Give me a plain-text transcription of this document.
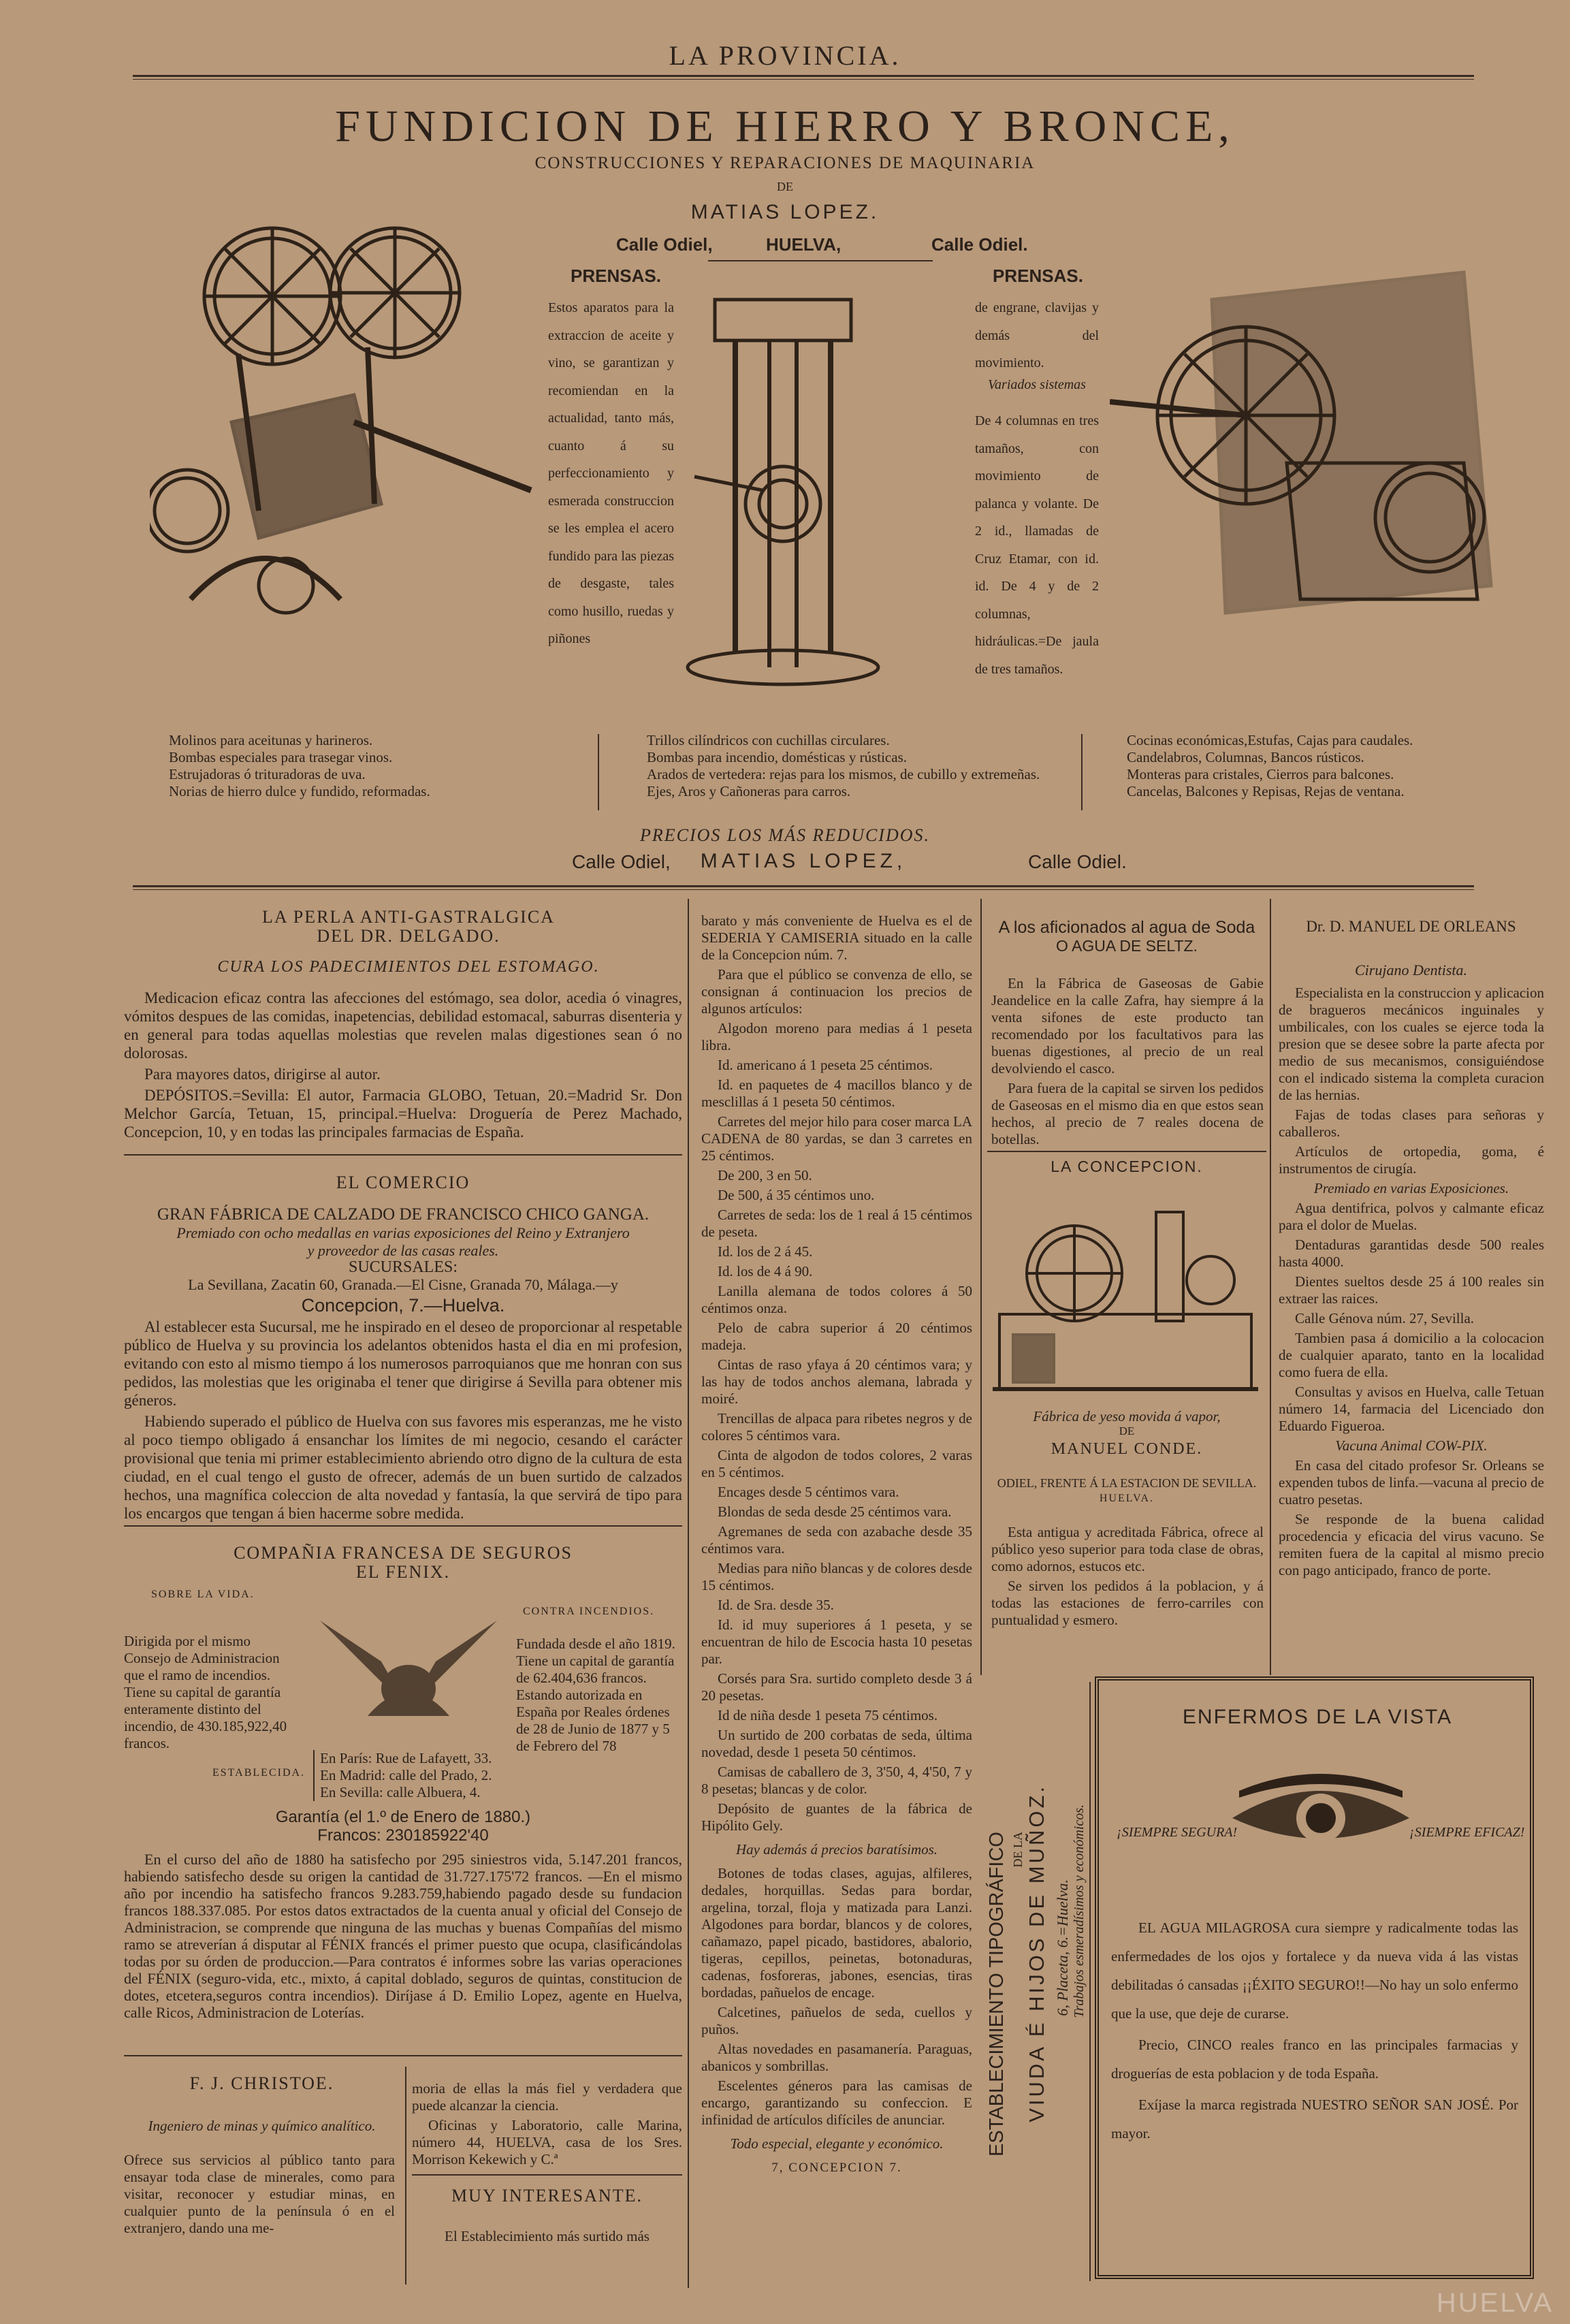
LA PROVINCIA.
FUNDICION DE HIERRO Y BRONCE,
CONSTRUCCIONES Y REPARACIONES DE MAQUINARIA
DE
MATIAS LOPEZ.
Calle Odiel,	HUELVA,	Calle Odiel.
PRENSAS.
Estos aparatos para la extraccion de aceite y vino, se garantizan y recomiendan en la actualidad, tanto más, cuanto á su perfeccionamiento y esmerada construccion se les emplea el acero fundido para las piezas de desgaste, tales como husillo, ruedas y piñones
PRENSAS.
de engrane, clavijas y demás del movimiento.
Variados sistemas
De 4 columnas en tres tamaños, con movimiento de palanca y volante. De 2 id., llamadas de Cruz Etamar, con id. id. De 4 y de 2 columnas, hidráulicas.=De jaula de tres tamaños.
Molinos para aceitunas y harineros.
Bombas especiales para trasegar vinos.
Estrujadoras ó trituradoras de uva.
Norias de hierro dulce y fundido, reformadas.
Trillos cilíndricos con cuchillas circulares.
Bombas para incendio, domésticas y rústicas.
Arados de vertedera: rejas para los mismos, de cubillo y extremeñas.
Ejes, Aros y Cañoneras para carros.
Cocinas económicas,Estufas, Cajas para caudales.
Candelabros, Columnas, Bancos rústicos.
Monteras para cristales, Cierros para balcones.
Cancelas, Balcones y Repisas, Rejas de ventana.
PRECIOS LOS MÁS REDUCIDOS.
Calle Odiel,	MATIAS LOPEZ,	Calle Odiel.
LA PERLA ANTI-GASTRALGICA
DEL DR. DELGADO.
CURA LOS PADECIMIENTOS DEL ESTOMAGO.

Medicacion eficaz contra las afecciones del estómago, sea dolor, acedia ó vinagres, vómitos despues de las comidas, inapetencias, debilidad estomacal, saburras disenteria y en general para todas aquellas molestias que revelen malas digestiones sean ó no dolorosas.

Para mayores datos, dirigirse al autor.

DEPÓSITOS.=Sevilla: El autor, Farmacia GLOBO, Tetuan, 20.=Madrid Sr. Don Melchor García, Tetuan, 15, principal.=Huelva: Droguería de Perez Machado, Concepcion, 10, y en todas las principales farmacias de España.

EL COMERCIO
GRAN FÁBRICA DE CALZADO DE FRANCISCO CHICO GANGA.
Premiado con ocho medallas en varias exposiciones del Reino y Extranjero
y proveedor de las casas reales.
SUCURSALES:
La Sevillana, Zacatin 60, Granada.—El Cisne, Granada 70, Málaga.—y
Concepcion, 7.—Huelva.

Al establecer esta Sucursal, me he inspirado en el deseo de proporcionar al respetable público de Huelva y su provincia los adelantos obtenidos hasta el dia en mi profesion, evitando con esto al mismo tiempo á los numerosos parroquianos que me honran con sus pedidos, las molestias que les originaba el tener que dirigirse á Sevilla para obtener mis géneros.

Habiendo superado el público de Huelva con sus favores mis esperanzas, me he visto al poco tiempo obligado á ensanchar los límites de mi negocio, cesando el carácter provisional que tenia mi primer establecimiento abriendo otro digno de la cultura de esta ciudad, en el cual tengo el gusto de ofrecer, además de un buen surtido de calzados hechos, una magnífica coleccion de alta novedad y fantasía, la que servirá de tipo para los encargos que tengan á bien hacerme sobre medida.

COMPAÑIA FRANCESA DE SEGUROS
EL FENIX.
SOBRE LA VIDA.
CONTRA INCENDIOS.
Dirigida por el mismo Consejo de Administracion que el ramo de incendios. Tiene su capital de garantía enteramente distinto del incendio, de 430.185,922,40 francos.
Fundada desde el año 1819. Tiene un capital de garantía de 62.404,636 francos. Estando autorizada en España por Reales órdenes de 28 de Junio de 1877 y 5 de Febrero del 78
ESTABLECIDA.
En París: Rue de Lafayett, 33.
En Madrid: calle del Prado, 2.
En Sevilla: calle Albuera, 4.
Garantía (el 1.º de Enero de 1880.)
Francos: 230185922'40
En el curso del año de 1880 ha satisfecho por 295 siniestros vida, 5.147.201 francos, habiendo satisfecho desde su origen la cantidad de 31.727.175'72 francos. —En el mismo año por incendio ha satisfecho francos 9.283.759,habiendo pagado desde su fundacion francos 188.337.085. Por estos datos extractados de la cuenta anual y oficial del Consejo de Administracion, se comprende que ninguna de las muchas y buenas Compañías del mismo ramo se atreverían á disputar al FÉNIX francés el primer puesto que ocupa, clasificándolas todas por su órden de produccion.—Para contratos é informes sobre las varias operaciones del FÉNIX (seguro-vida, etc., mixto, á capital doblado, seguros de quintas, constitucion de dotes, etcetera,seguros contra incendios). Diríjase á D. Emilio Lopez, agente en Huelva, calle Ricos, Administracion de Loterías.
F. J. CHRISTOE.
Ingeniero de minas y químico analítico.
Ofrece sus servicios al público tanto para ensayar toda clase de minerales, como para visitar, reconocer y estudiar minas, en cualquier punto de la península ó en el extranjero, dando una me-

moria de ellas la más fiel y verdadera que puede alcanzar la ciencia.

Oficinas y Laboratorio, calle Marina, número 44, HUELVA, casa de los Sres. Morrison Kekewich y C.ª

MUY INTERESANTE.
El Establecimiento más surtido más

barato y más conveniente de Huelva es el de SEDERIA Y CAMISERIA situado en la calle de la Concepcion núm. 7.

Para que el público se convenza de ello, se consignan á continuacion los precios de algunos artículos:

Algodon moreno para medias á 1 peseta libra.

Id. americano á 1 peseta 25 céntimos.

Id. en paquetes de 4 macillos blanco y de mesclillas á 1 peseta 50 céntimos.

Carretes del mejor hilo para coser marca LA CADENA de 80 yardas, se dan 3 carretes en 25 céntimos.

De 200, 3 en 50.

De 500, á 35 céntimos uno.

Carretes de seda: los de 1 real á 15 céntimos de peseta.

Id. los de 2 á 45.

Id. los de 4 á 90.

Lanilla alemana de todos colores á 50 céntimos onza.

Pelo de cabra superior á 20 céntimos madeja.

Cintas de raso yfaya á 20 céntimos vara; y las hay de todos anchos alemana, labrada y moiré.

Trencillas de alpaca para ribetes negros y de colores 5 céntimos vara.

Cinta de algodon de todos colores, 2 varas en 5 céntimos.

Encages desde 5 céntimos vara.

Blondas de seda desde 25 céntimos vara.

Agremanes de seda con azabache desde 35 céntimos vara.

Medias para niño blancas y de colores desde 15 céntimos.

Id. de Sra. desde 35.

Id. id muy superiores á 1 peseta, y se encuentran de hilo de Escocia hasta 10 pesetas par.

Corsés para Sra. surtido completo desde 3 á 20 pesetas.

Id de niña desde 1 peseta 75 céntimos.

Un surtido de 200 corbatas de seda, última novedad, desde 1 peseta 50 céntimos.

Camisas de caballero de 3, 3'50, 4, 4'50, 7 y 8 pesetas; blancas y de color.

Depósito de guantes de la fábrica de Hipólito Gely.

Hay además á precios baratísimos.

Botones de todas clases, agujas, alfileres, dedales, horquillas. Sedas para bordar, argelina, torzal, floja y matizada para Lanzi. Algodones para bordar, blancos y de colores, cañamazo, papel picado, bastidores, abalorio, tigeras, cepillos, peinetas, botonaduras, cadenas, fosforeras, jabones, esencias, tiras bordadas, pañuelos de encage.

Calcetines, pañuelos de seda, cuellos y puños.

Altas novedades en pasamanería. Paraguas, abanicos y sombrillas.

Escelentes géneros para las camisas de encargo, garantizando su confeccion. E infinidad de artículos difíciles de anunciar.

Todo especial, elegante y económico.

7, CONCEPCION 7.

A los aficionados al agua de Soda
O AGUA DE SELTZ.

En la Fábrica de Gaseosas de Gabie Jeandelice en la calle Zafra, hay siempre á la venta sifones de este producto tan recomendado por los facultativos para las buenas digestiones, al precio de un real devolviendo el casco.

Para fuera de la capital se sirven los pedidos de Gaseosas en el mismo dia en que estos sean hechos, al precio de 7 reales docena de botellas.

LA CONCEPCION.
Fábrica de yeso movida á vapor,
DE
MANUEL CONDE.
ODIEL, FRENTE Á LA ESTACION DE SEVILLA.
HUELVA.

Esta antigua y acreditada Fábrica, ofrece al público yeso superior para toda clase de obras, como adornos, estucos etc.

Se sirven los pedidos á la poblacion, y á todas las estaciones de ferro-carriles con puntualidad y esmero.

Dr. D. MANUEL DE ORLEANS
Cirujano Dentista.

Especialista en la construccion y aplicacion de bragueros mecánicos inguinales y umbilicales, con los cuales se ejerce toda la presion que se desee sobre la parte afecta por medio de sus mecanismos, consiguiéndose con el indicado sistema la completa curacion de las hernias.

Fajas de todas clases para señoras y caballeros.

Artículos de ortopedia, goma, é instrumentos de cirugía.

Premiado en varias Exposiciones.

Agua dentifrica, polvos y calmante eficaz para el dolor de Muelas.

Dentaduras garantidas desde 500 reales hasta 4000.

Dientes sueltos desde 25 á 100 reales sin extraer las raices.

Calle Génova núm. 27, Sevilla.

Tambien pasa á domicilio a la colocacion de cualquier aparato, tanto en la localidad como fuera de ella.

Consultas y avisos en Huelva, calle Tetuan número 14, farmacia del Licenciado don Eduardo Figueroa.

Vacuna Animal COW-PIX.

En casa del citado profesor Sr. Orleans se expenden tubos de linfa.—vacuna al precio de cuatro pesetas.

Se responde de la buena calidad procedencia y eficacia del virus vacuno. Se remiten fuera de la capital al mismo precio con pago anticipado, franco de porte.

ESTABLECIMIENTO TIPOGRÁFICO DE LA VIUDA É HIJOS DE MUÑOZ. 6, Placeta, 6.=Huelva. Trabajos esmeradísimos y económicos.
ENFERMOS DE LA VISTA
¡SIEMPRE SEGURA!	¡SIEMPRE EFICAZ!

EL AGUA MILAGROSA cura siempre y radicalmente todas las enfermedades de los ojos y fortalece y da nueva vida á las vistas debilitadas ó cansadas ¡¡ÉXITO SEGURO!!—No hay un solo enfermo que la use, que deje de curarse.

Precio, CINCO reales franco en las principales farmacias y droguerías de esta poblacion y de toda España.

Exíjase la marca registrada NUESTRO SEÑOR SAN JOSÉ. Por mayor.

HUELVA
